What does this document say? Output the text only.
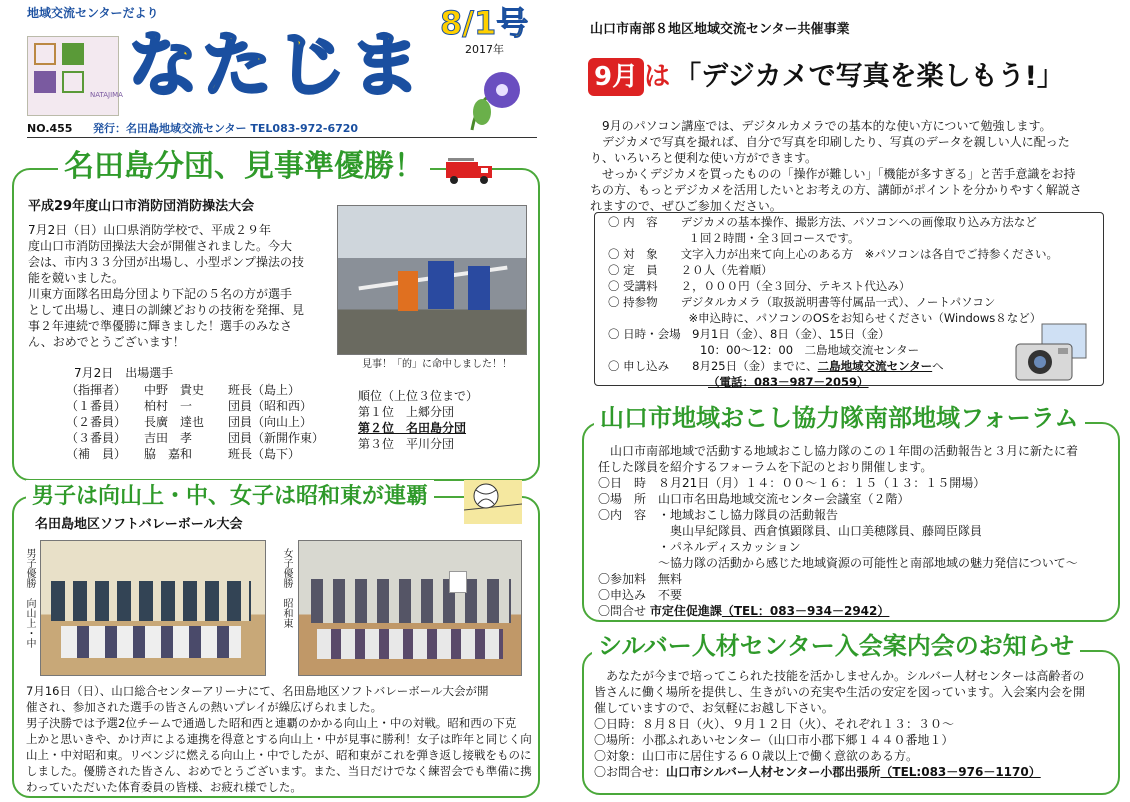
地域交流センターだより
NATAJIMA なたじま
8/1号
2017年
NO.455 発行：名田島地域交流センター TEL083-972-6720
名田島分団、見事準優勝！
平成29年度山口市消防団消防操法大会
7月2日（日）山口県消防学校で、平成２９年
度山口市消防団操法大会が開催されました。今大
会は、市内３３分団が出場し、小型ポンプ操法の技
能を競いました。
川東方面隊名田島分団より下記の５名の方が選手
として出場し、連日の訓練どおりの技術を発揮、見
事２年連続で準優勝に輝きました！選手のみなさ
ん、おめでとうございます！
見事！「的」に命中しました！！
7月2日　出場選手
（指揮者）	中野　貴史	班長（島上）
（１番員）	柏村　一	団員（昭和西）
（２番員）	長廣　達也	団員（向山上）
（３番員）	吉田　孝	団員（新開作東）
（補　員）	脇　嘉和	班長（島下）
順位（上位３位まで）
第１位　上郷分団
第２位　名田島分団
第３位　平川分団
男子は向山上・中、女子は昭和東が連覇
名田島地区ソフトバレーボール大会
男子優勝　向山上・中	女子優勝　昭和東
7月16日（日）、山口総合センターアリーナにて、名田島地区ソフトバレーボール大会が開
催され、参加された選手の皆さんの熱いプレイが繰広げられました。
男子決勝では予選2位チームで通過した昭和西と連覇のかかる向山上・中の対戦。昭和西の下克
上かと思いきや、かけ声による連携を得意とする向山上・中が見事に勝利！女子は昨年と同じく向
山上・中対昭和東。リベンジに燃える向山上・中でしたが、昭和東がこれを弾き返し接戦をものに
しました。優勝された皆さん、おめでとうございます。また、当日だけでなく練習会でも準備に携
わっていただいた体育委員の皆様、お疲れ様でした。
山口市南部８地区地域交流センター共催事業
9月 は 「デジカメで写真を楽しもう!」
9月のパソコン講座では、デジタルカメラでの基本的な使い方について勉強します。
デジカメで写真を撮れば、自分で写真を印刷したり、写真のデータを親しい人に配った
り、いろいろと便利な使い方ができます。
せっかくデジカメを買ったものの「操作が難しい」「機能が多すぎる」と苦手意識をお持
ちの方、もっとデジカメを活用したいとお考えの方、講師がポイントを分かりやすく解説さ
れますので、ぜひご参加ください。
〇 内　容　　デジカメの基本操作、撮影方法、パソコンへの画像取り込み方法など
　　　　　　　１回２時間・全３回コースです。
〇 対　象　　文字入力が出来て向上心のある方　※パソコンは各自でご持参ください。
〇 定　員　　２０人（先着順）
〇 受講料　　２，０００円（全３回分、テキスト代込み）
〇 持参物　　デジタルカメラ（取扱説明書等付属品一式）、ノートパソコン
　　　　　　　※申込時に、パソコンのOSをお知らせください（Windows８など）
〇 日時・会場　9月1日（金）、8日（金）、15日（金）
　　　　　　　　10：00～12：00　二島地域交流センター
〇 申し込み　　8月25日（金）までに、二島地域交流センターへ
（電話：083－987－2059）
山口市地域おこし協力隊南部地域フォーラム
山口市南部地域で活動する地域おこし協力隊のこの１年間の活動報告と３月に新たに着
任した隊員を紹介するフォーラムを下記のとおり開催します。
〇日　時　８月21日（月）１４：００～１６：１５（１３：１５開場）
〇場　所　山口市名田島地域交流センター会議室（２階）
〇内　容　・地域おこし協力隊員の活動報告
　　　　　　奥山早紀隊員、西倉慎顕隊員、山口美穂隊員、藤岡臣隊員
　　　　　・パネルディスカッション
　　　　　～協力隊の活動から感じた地域資源の可能性と南部地域の魅力発信について～
〇参加料　無料
〇申込み　不要
〇問合せ 市定住促進課（TEL：083－934－2942）
シルバー人材センター入会案内会のお知らせ
あなたが今まで培ってこられた技能を活かしませんか。シルバー人材センターは高齢者の
皆さんに働く場所を提供し、生きがいの充実や生活の安定を図っています。入会案内会を開
催していますので、お気軽にお越し下さい。
〇日時：８月８日（火）、９月１２日（火）、それぞれ１３：３０～
〇場所：小郡ふれあいセンター（山口市小郡下郷１４４０番地１）
〇対象：山口市に居住する６０歳以上で働く意欲のある方。
〇お問合せ：山口市シルバー人材センター小郡出張所（TEL:083－976－1170）
